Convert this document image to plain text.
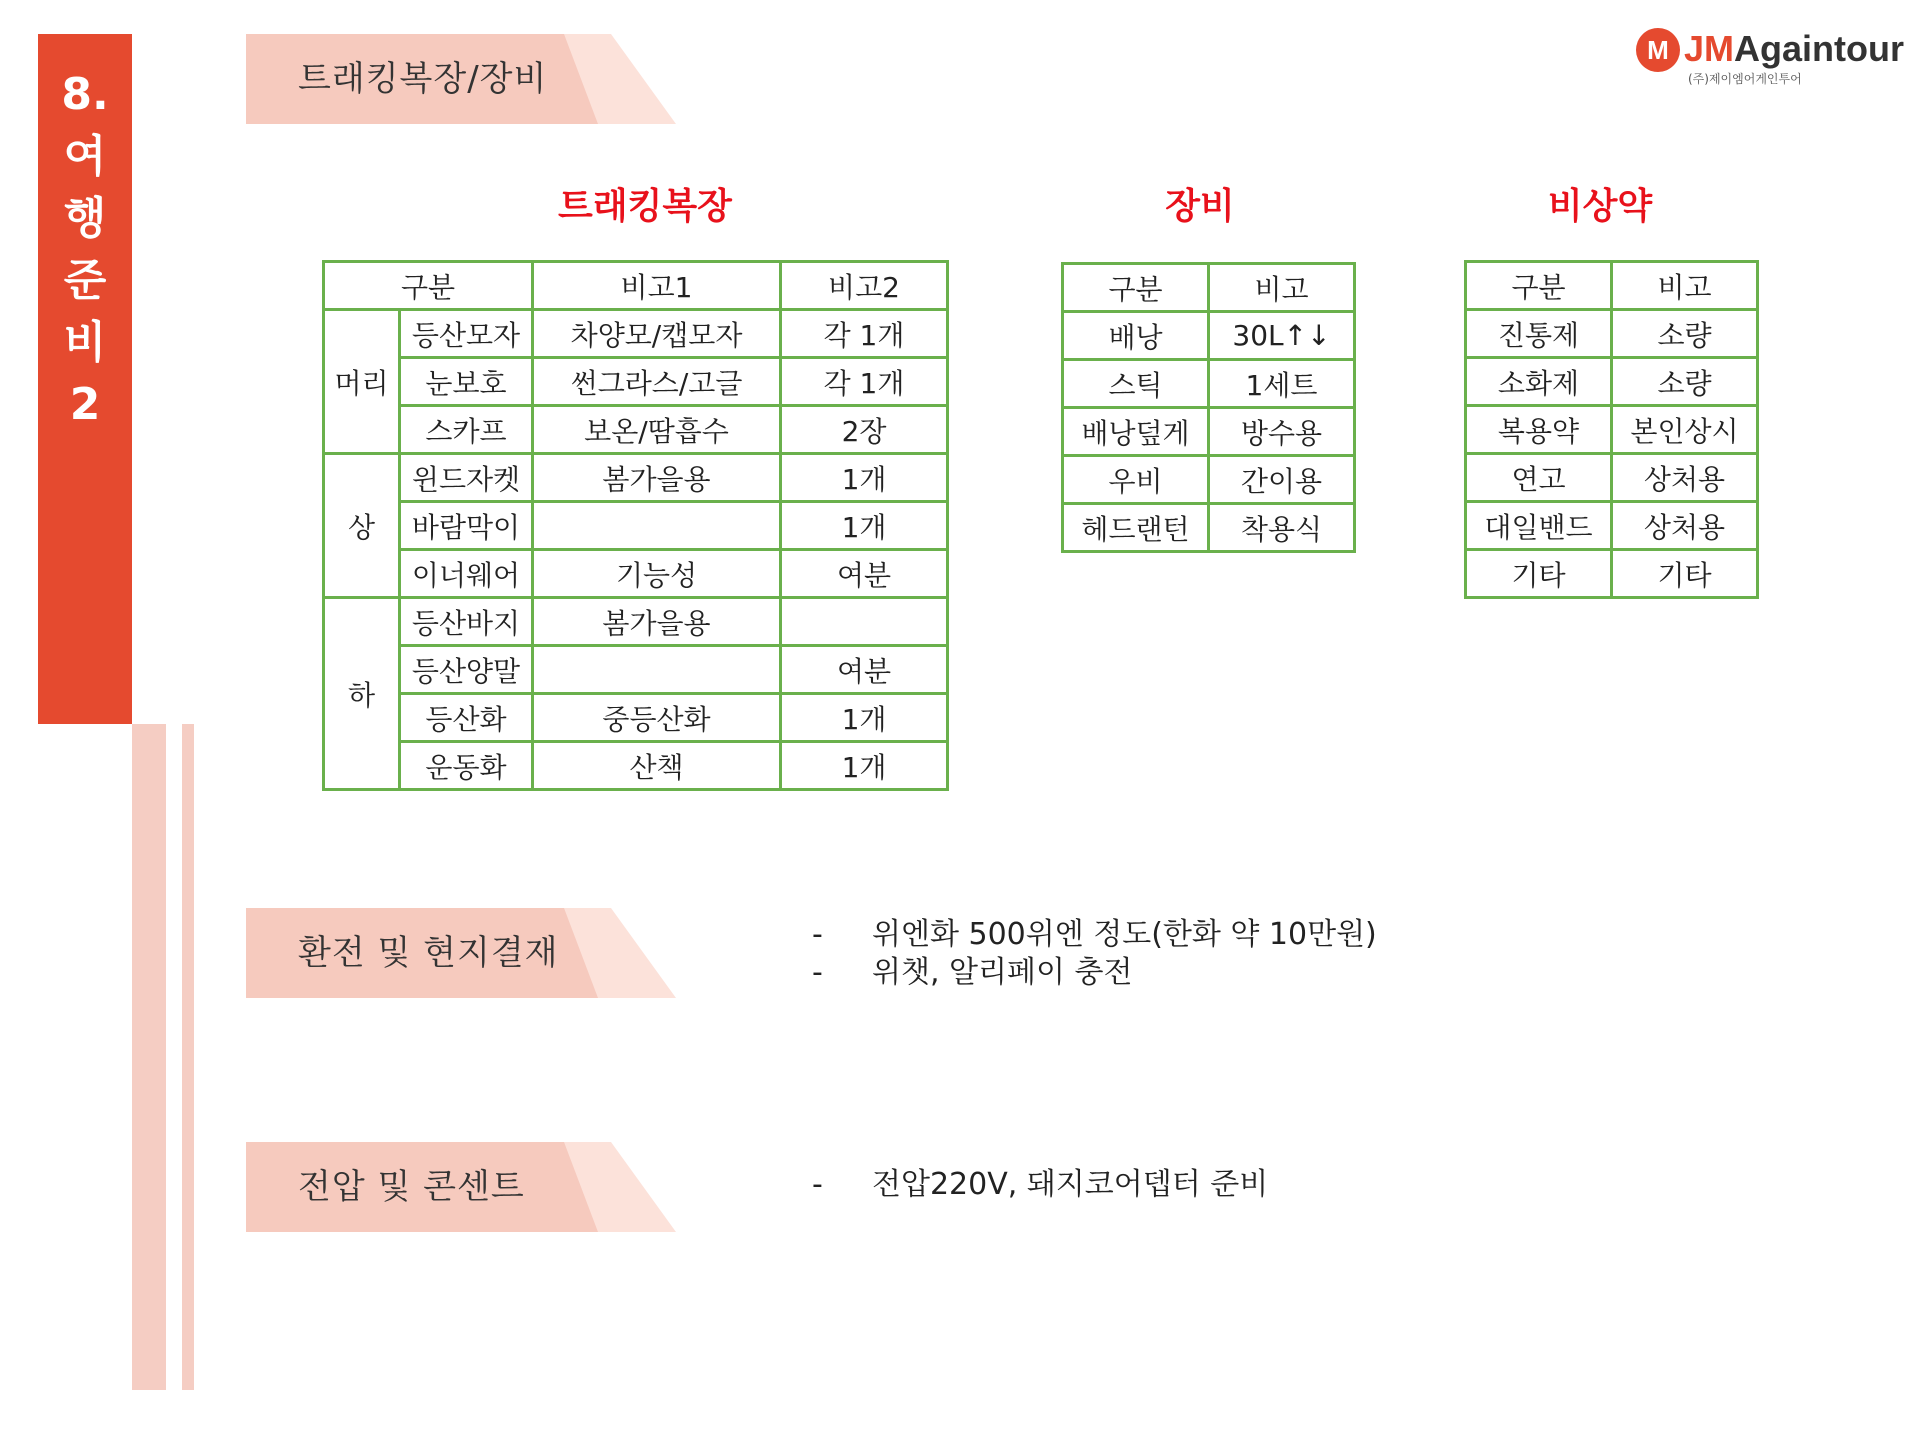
8.
여
행
준
비
2
M JMAgaintour
(주)제이엠어게인투어
트래킹복장/장비
트래킹복장	장비	비상약
구분		비고1	비고2
머리	등산모자	차양모/캡모자	각 1개
	눈보호	썬그라스/고글	각 1개
	스카프	보온/땀흡수	2장
상	윈드자켓	봄가을용	1개
	바람막이		1개
	이너웨어	기능성	여분
하	등산바지	봄가을용	
	등산양말		여분
	등산화	중등산화	1개
	운동화	산책	1개
구분	비고
배낭	30L↑↓
스틱	1세트
배낭덮게	방수용
우비	간이용
헤드랜턴	착용식
구분	비고
진통제	소량
소화제	소량
복용약	본인상시
연고	상처용
대일밴드	상처용
기타	기타
환전 및 현지결재	- 위엔화 500위엔 정도(한화 약 10만원)
- 위챗, 알리페이 충전
전압 및 콘센트	- 전압220V, 돼지코어뎁터 준비
